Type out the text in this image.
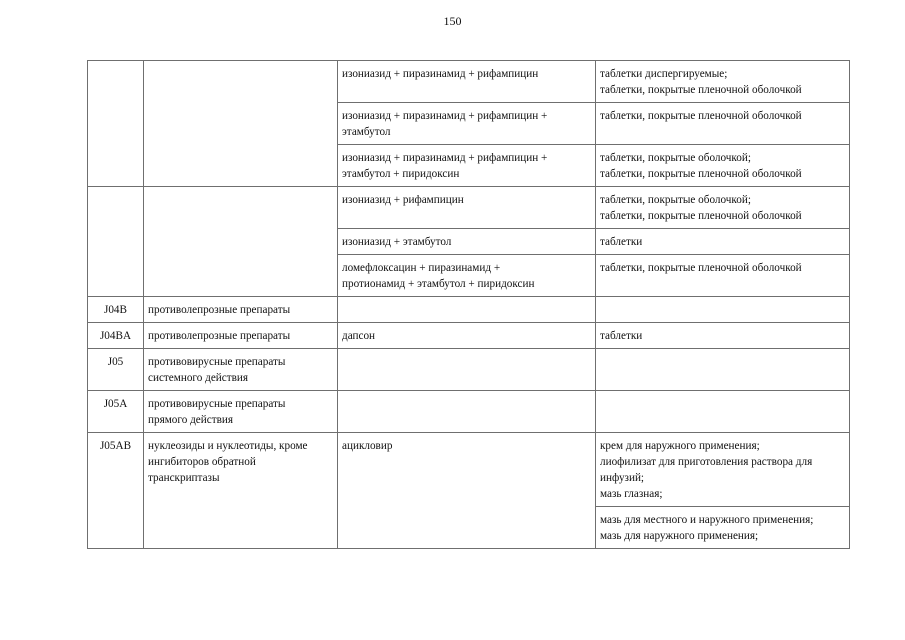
150

		изониазид + пиразинамид + рифампицин	таблетки диспергируемые;
таблетки, покрытые пленочной оболочкой

		изониазид + пиразинамид + рифампицин +
этамбутол	таблетки, покрытые пленочной оболочкой

		изониазид + пиразинамид + рифампицин +
этамбутол + пиридоксин	таблетки, покрытые оболочкой;
таблетки, покрытые пленочной оболочкой

		изониазид + рифампицин	таблетки, покрытые оболочкой;
таблетки, покрытые пленочной оболочкой

		изониазид + этамбутол	таблетки

		ломефлоксацин + пиразинамид +
протионамид + этамбутол + пиридоксин	таблетки, покрытые пленочной оболочкой

J04B	противолепрозные препараты		

J04BA	противолепрозные препараты	дапсон	таблетки

J05	противовирусные препараты
системного действия		

J05A	противовирусные препараты
прямого действия		

J05AB	нуклеозиды и нуклеотиды, кроме
ингибиторов обратной
транскриптазы	ацикловир	крем для наружного применения;
лиофилизат для приготовления раствора для
инфузий;
мазь глазная;

			мазь для местного и наружного применения;
мазь для наружного применения;
